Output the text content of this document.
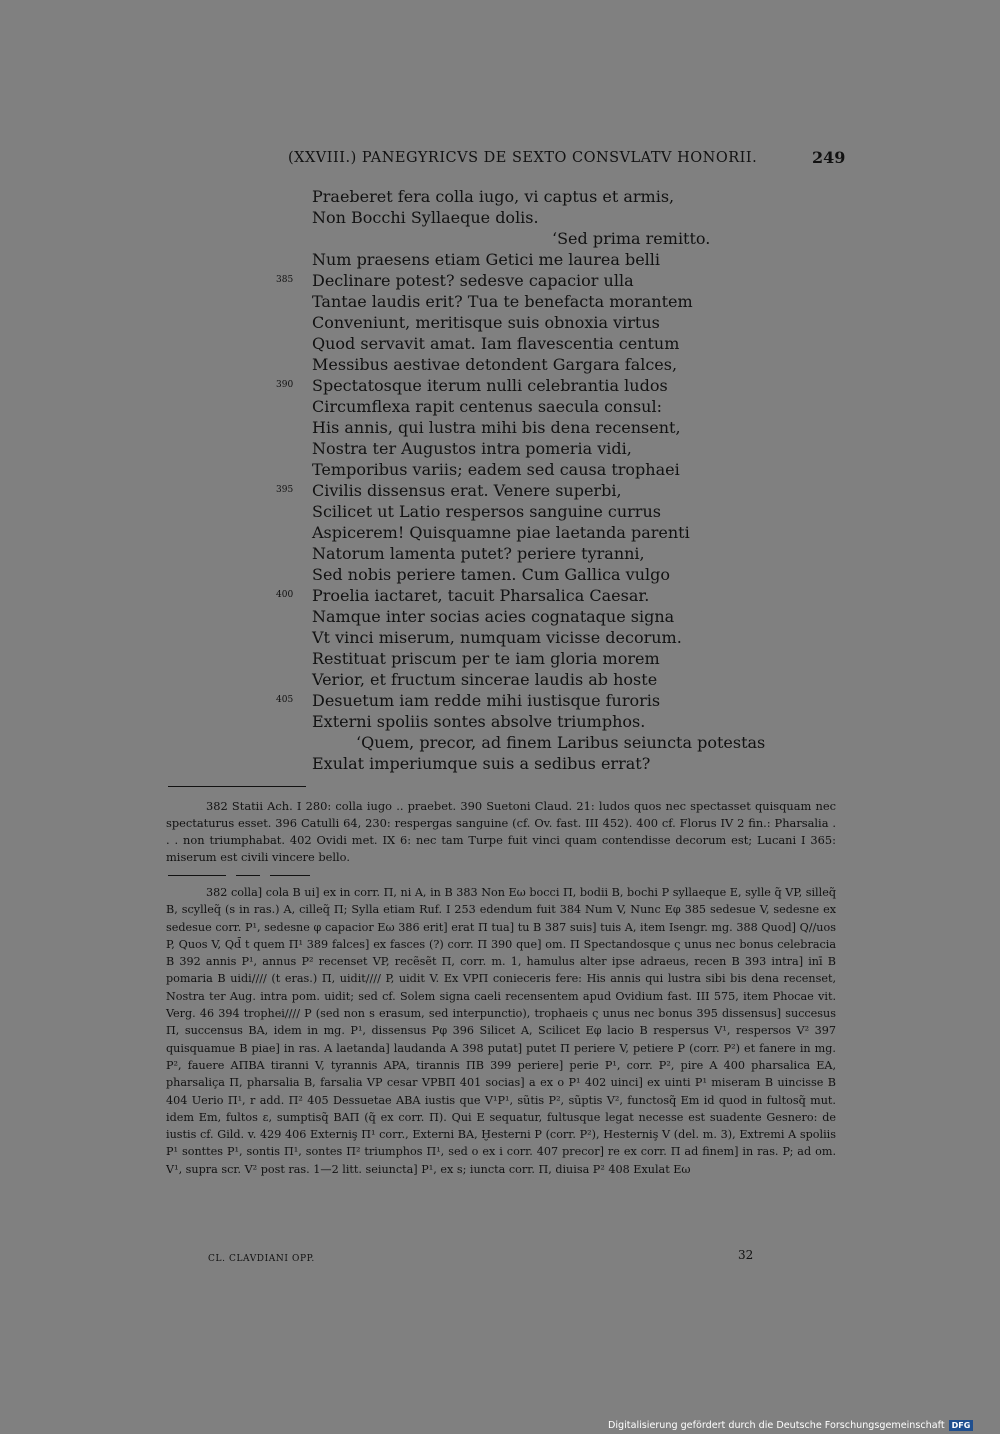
(XXVIII.) PANEGYRICVS DE SEXTO CONSVLATV HONORII.	249
Praeberet fera colla iugo, vi captus et armis,
Non Bocchi Syllaeque dolis.
‘Sed prima remitto.
Num praesens etiam Getici me laurea belli
385 Declinare potest? sedesve capacior ulla
Tantae laudis erit? Tua te benefacta morantem
Conveniunt, meritisque suis obnoxia virtus
Quod servavit amat. Iam flavescentia centum
Messibus aestivae detondent Gargara falces,
390 Spectatosque iterum nulli celebrantia ludos
Circumflexa rapit centenus saecula consul:
His annis, qui lustra mihi bis dena recensent,
Nostra ter Augustos intra pomeria vidi,
Temporibus variis; eadem sed causa trophaei
395 Civilis dissensus erat. Venere superbi,
Scilicet ut Latio respersos sanguine currus
Aspicerem! Quisquamne piae laetanda parenti
Natorum lamenta putet? periere tyranni,
Sed nobis periere tamen. Cum Gallica vulgo
400 Proelia iactaret, tacuit Pharsalica Caesar.
Namque inter socias acies cognataque signa
Vt vinci miserum, numquam vicisse decorum.
Restituat priscum per te iam gloria morem
Verior, et fructum sincerae laudis ab hoste
405 Desuetum iam redde mihi iustisque furoris
Externi spoliis sontes absolve triumphos.
‘Quem, precor, ad finem Laribus seiuncta potestas
Exulat imperiumque suis a sedibus errat?
382 Statii Ach. I 280: colla iugo .. praebet. 390 Suetoni Claud. 21: ludos quos nec spectasset quisquam nec spectaturus esset. 396 Catulli 64, 230: respergas sanguine (cf. Ov. fast. III 452). 400 cf. Florus IV 2 fin.: Pharsalia . . . non triumphabat. 402 Ovidi met. IX 6: nec tam Turpe fuit vinci quam contendisse decorum est; Lucani I 365: miserum est civili vincere bello.
382 colla] cola B ui] ex in corr. Π, ni A, in B 383 Non Eω bocci Π, bodii B, bochi P syllaeque E, sylle q̃ VP, silleq̃ B, scylleq̃ (s in ras.) A, cilleq̃ Π; Sylla etiam Ruf. I 253 edendum fuit 384 Num V, Nunc Eφ 385 sedesue V, sedesne ex sedesue corr. P¹, sedesne φ capacior Eω 386 erit] erat Π tua] tu B 387 suis] tuis A, item Isengr. mg. 388 Quod] Q//uos P, Quos V, Qd̄ t quem Π¹ 389 falces] ex fasces (?) corr. Π 390 que] om. Π Spectandosque ς unus nec bonus celebracia B 392 annis P¹, annus P² recenset VP, recẽsẽt Π, corr. m. 1, hamulus alter ipse adraeus, recen B 393 intra] inī B pomaria B uidi//// (t eras.) Π, uidit//// P, uidit V. Ex VPΠ conieceris fere: His annis qui lustra sibi bis dena recenset, Nostra ter Aug. intra pom. uidit; sed cf. Solem signa caeli recensentem apud Ovidium fast. III 575, item Phocae vit. Verg. 46 394 trophei//// P (sed non s erasum, sed interpunctio), trophaeis ς unus nec bonus 395 dissensus] succesus Π, succensus BA, idem in mg. P¹, dissensus Pφ 396 Silicet A, Scilicet Eφ lacio B respersus V¹, respersos V² 397 quisquamue B piae] in ras. A laetanda] laudanda A 398 putat] putet Π periere V, petiere P (corr. P²) et fanere in mg. P², fauere AΠBA tiranni V, tyrannis APA, tirannis ΠB 399 periere] perie P¹, corr. P², pire A 400 pharsalica EA, pharsaliça Π, pharsalia B, farsalia VP cesar VPBΠ 401 socias] a ex o P¹ 402 uinci] ex uinti P¹ miseram B uincisse B 404 Uerio Π¹, r add. Π² 405 Dessuetae ABA iustis que V¹P¹, sũtis P², sũptis V², functosq̃ Em id quod in fultosq̃ mut. idem Em, fultos ε, sumptisq̃ BAΠ (q̃ ex corr. Π). Qui E sequatur, fultusque legat necesse est suadente Gesnero: de iustis cf. Gild. v. 429 406 Externiş Π¹ corr., Externi BA, Ḫesterni P (corr. P²), Hesterniş V (del. m. 3), Extremi A spoliis P¹ sonttes P¹, sontis Π¹, sontes Π² triumphos Π¹, sed o ex i corr. 407 precor] re ex corr. Π ad finem] in ras. P; ad om. V¹, supra scr. V² post ras. 1—2 litt. seiuncta] P¹, ex s; iuncta corr. Π, diuisa P² 408 Exulat Eω
CL. CLAVDIANI OPP.	32
Digitalisierung gefördert durch die Deutsche Forschungsgemeinschaft DFG
